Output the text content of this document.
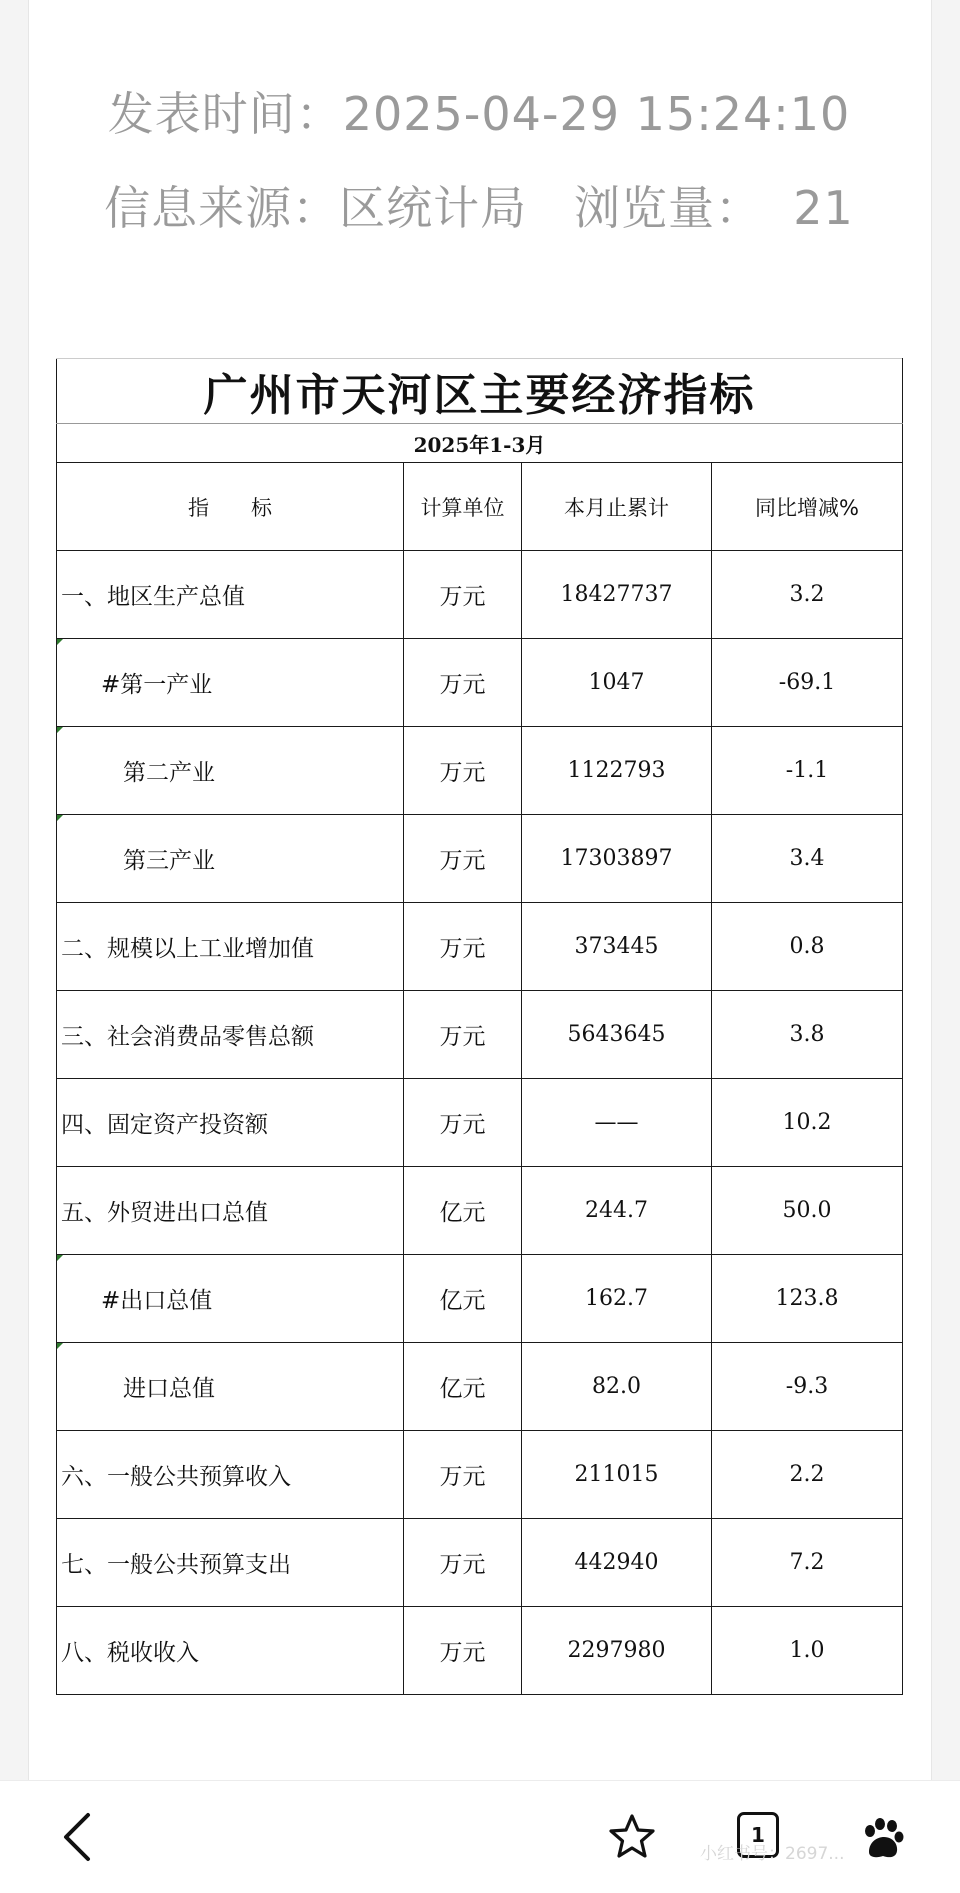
发表时间：2025-04-29 15:24:10
信息来源：区统计局   浏览量：  21
广州市天河区主要经济指标			
2025年1-3月			
指　　标	计算单位	本月止累计	同比增减%
一、地区生产总值	万元	18427737	3.2

#第一产业	万元	1047	-69.1

第二产业	万元	1122793	-1.1

第三产业	万元	17303897	3.4
二、规模以上工业增加值	万元	373445	0.8
三、社会消费品零售总额	万元	5643645	3.8
四、固定资产投资额	万元	——	10.2
五、外贸进出口总值	亿元	244.7	50.0

#出口总值	亿元	162.7	123.8

进口总值	亿元	82.0	-9.3
六、一般公共预算收入	万元	211015	2.2
七、一般公共预算支出	万元	442940	7.2
八、税收收入	万元	2297980	1.0
1
小红书号：2697...
